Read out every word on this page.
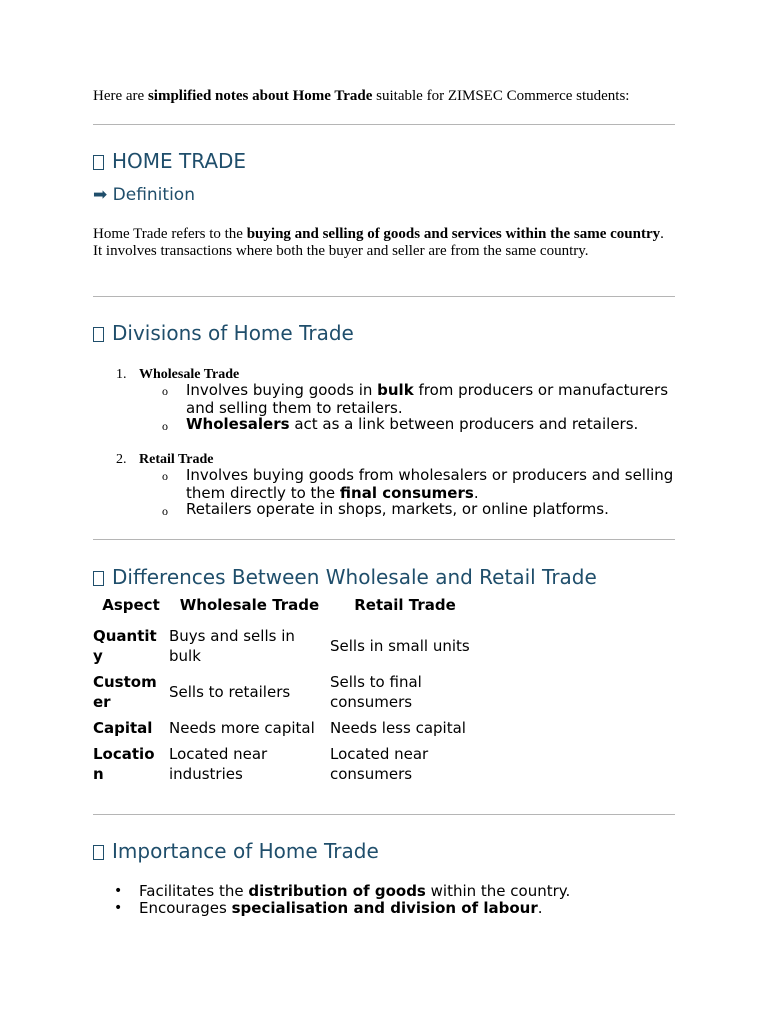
Here are simplified notes about Home Trade suitable for ZIMSEC Commerce students:
HOME TRADE
➡ Definition
Home Trade refers to the buying and selling of goods and services within the same country.
It involves transactions where both the buyer and seller are from the same country.
Divisions of Home Trade
1. Wholesale Trade
o Involves buying goods in bulk from producers or manufacturers and selling them to retailers.
o Wholesalers act as a link between producers and retailers.
2. Retail Trade
o Involves buying goods from wholesalers or producers and selling them directly to the final consumers.
o Retailers operate in shops, markets, or online platforms.
Differences Between Wholesale and Retail Trade
Aspect	Wholesale Trade	Retail Trade
Quantity	Buys and sells in bulk	Sells in small units
Customer	Sells to retailers	Sells to final consumers
Capital	Needs more capital	Needs less capital
Location	Located near industries	Located near consumers
Importance of Home Trade
• Facilitates the distribution of goods within the country.
• Encourages specialisation and division of labour.
